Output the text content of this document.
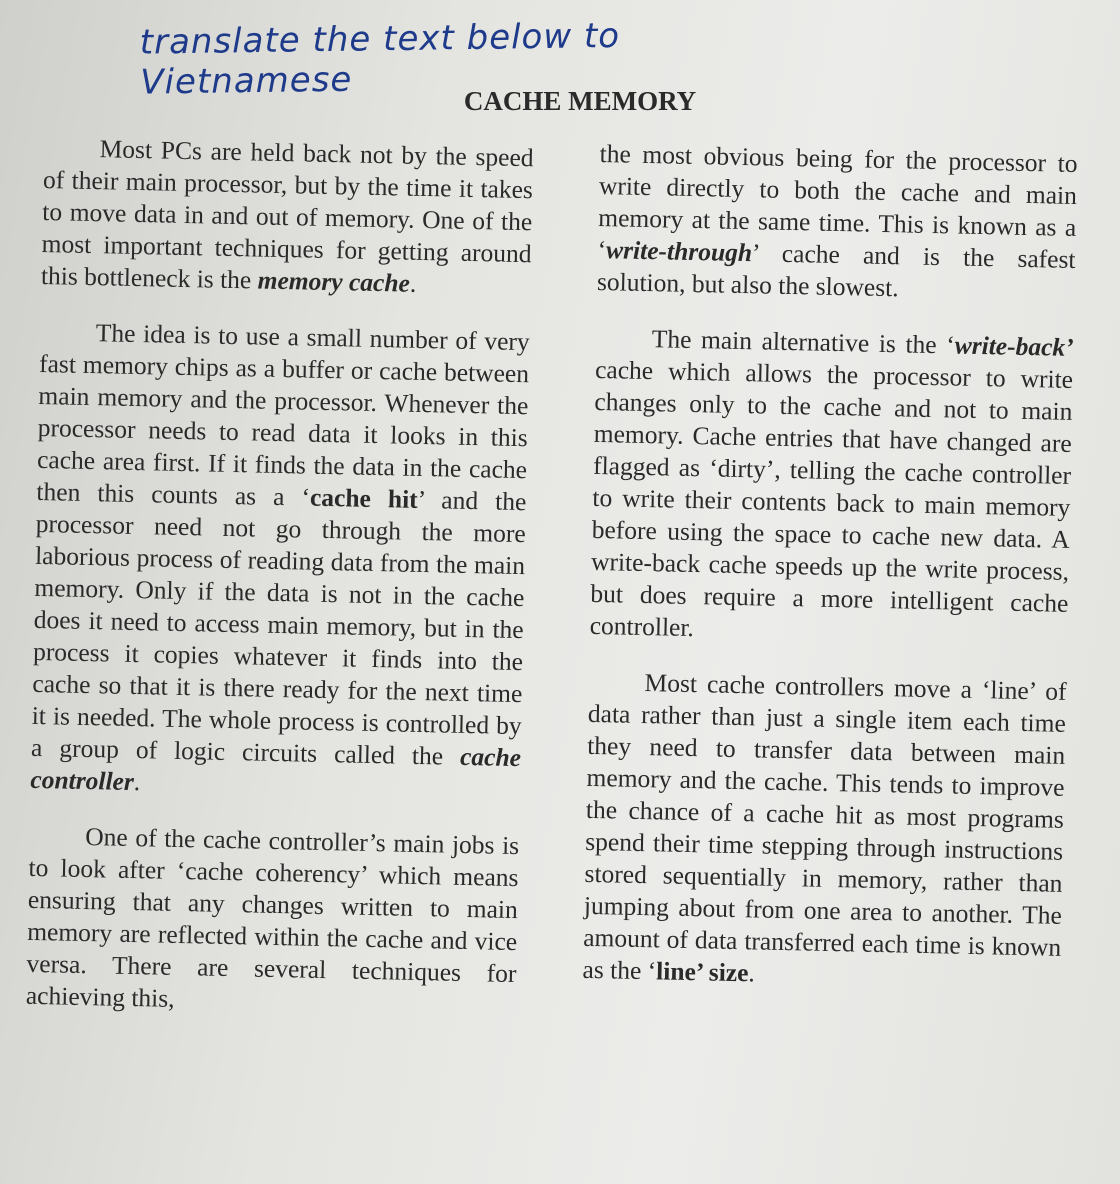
translate the text below to Vietnamese	CACHE MEMORY

Most PCs are held back not by the speed of their main processor, but by the time it takes to move data in and out of memory. One of the most important techniques for getting around this bottleneck is the memory cache.

The idea is to use a small number of very fast memory chips as a buffer or cache between main memory and the processor. Whenever the processor needs to read data it looks in this cache area first. If it finds the data in the cache then this counts as a ‘cache hit’ and the processor need not go through the more laborious process of reading data from the main memory. Only if the data is not in the cache does it need to access main memory, but in the process it copies whatever it finds into the cache so that it is there ready for the next time it is needed. The whole process is controlled by a group of logic circuits called the cache controller.

One of the cache controller’s main jobs is to look after ‘cache coherency’ which means ensuring that any changes written to main memory are reflected within the cache and vice versa. There are several techniques for achieving this,

the most obvious being for the processor to write directly to both the cache and main memory at the same time. This is known as a ‘write-through’ cache and is the safest solution, but also the slowest.

The main alternative is the ‘write-back’ cache which allows the processor to write changes only to the cache and not to main memory. Cache entries that have changed are flagged as ‘dirty’, telling the cache controller to write their contents back to main memory before using the space to cache new data. A write-back cache speeds up the write process, but does require a more intelligent cache controller.

Most cache controllers move a ‘line’ of data rather than just a single item each time they need to transfer data between main memory and the cache. This tends to improve the chance of a cache hit as most programs spend their time stepping through instructions stored sequentially in memory, rather than jumping about from one area to another. The amount of data transferred each time is known as the ‘line’ size.
